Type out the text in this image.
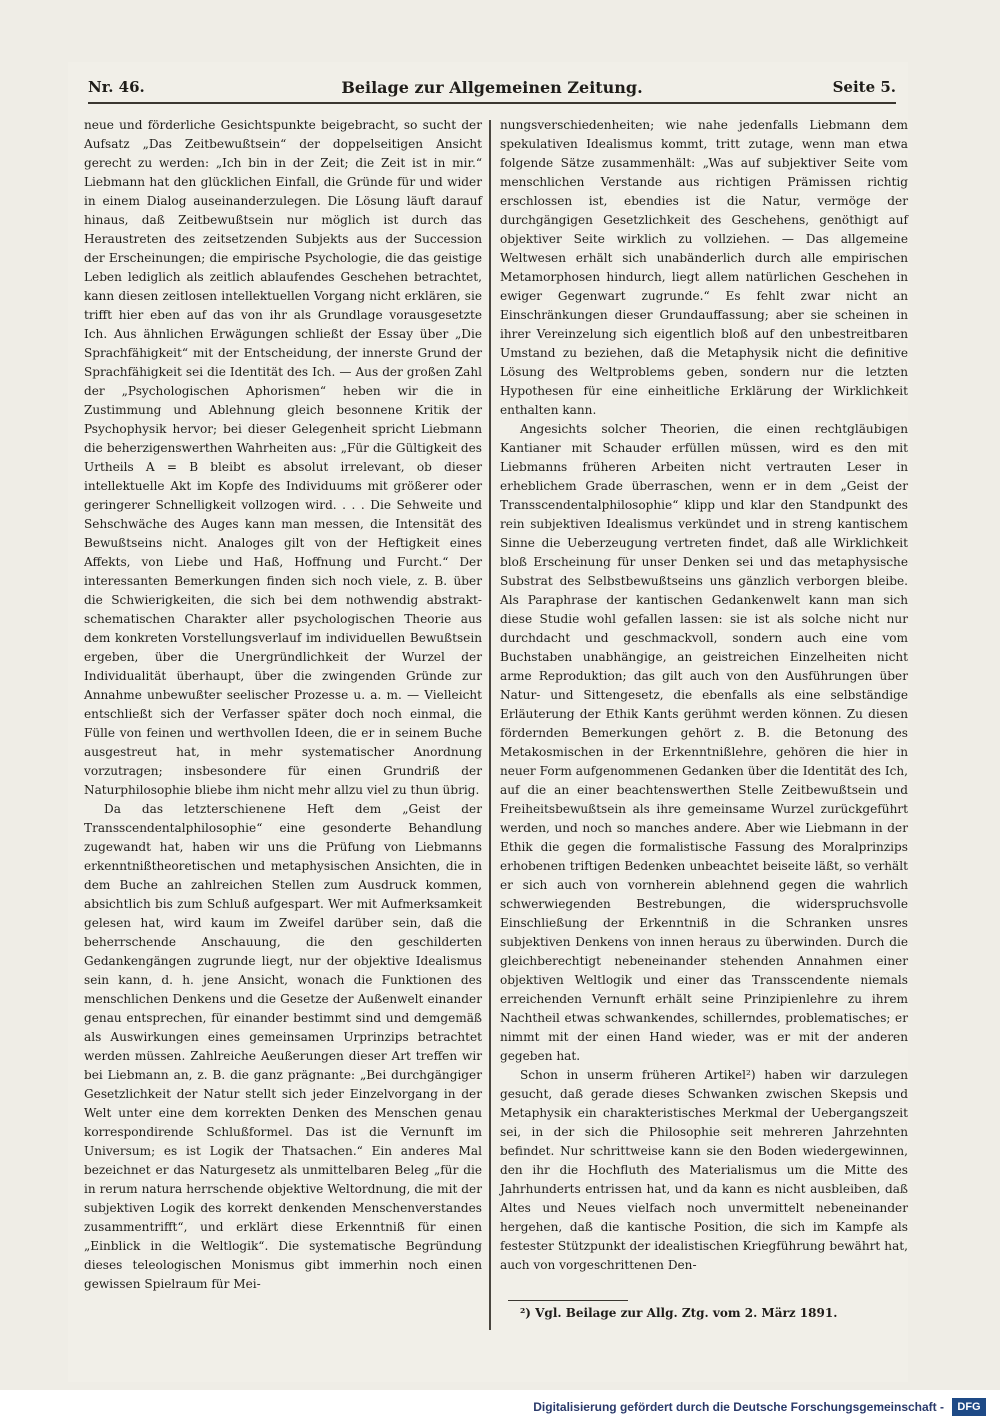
Nr. 46.	Beilage zur Allgemeinen Zeitung.	Seite 5.

neue und förderliche Gesichtspunkte beigebracht, so sucht der Aufsatz „Das Zeitbewußtsein“ der doppelseitigen Ansicht gerecht zu werden: „Ich bin in der Zeit; die Zeit ist in mir.“ Liebmann hat den glücklichen Einfall, die Gründe für und wider in einem Dialog auseinanderzulegen. Die Lösung läuft darauf hinaus, daß Zeitbewußtsein nur möglich ist durch das Heraustreten des zeitsetzenden Subjekts aus der Succession der Erscheinungen; die empirische Psychologie, die das geistige Leben lediglich als zeitlich ablaufendes Geschehen betrachtet, kann diesen zeitlosen intellektuellen Vorgang nicht erklären, sie trifft hier eben auf das von ihr als Grundlage vorausgesetzte Ich. Aus ähnlichen Erwägungen schließt der Essay über „Die Sprachfähigkeit“ mit der Entscheidung, der innerste Grund der Sprachfähigkeit sei die Identität des Ich. — Aus der großen Zahl der „Psychologischen Aphorismen“ heben wir die in Zustimmung und Ablehnung gleich besonnene Kritik der Psychophysik hervor; bei dieser Gelegenheit spricht Liebmann die beherzigenswerthen Wahrheiten aus: „Für die Gültigkeit des Urtheils A = B bleibt es absolut irrelevant, ob dieser intellektuelle Akt im Kopfe des Individuums mit größerer oder geringerer Schnelligkeit vollzogen wird. . . . Die Sehweite und Sehschwäche des Auges kann man messen, die Intensität des Bewußtseins nicht. Analoges gilt von der Heftigkeit eines Affekts, von Liebe und Haß, Hoffnung und Furcht.“ Der interessanten Bemerkungen finden sich noch viele, z. B. über die Schwierigkeiten, die sich bei dem nothwendig abstrakt-schematischen Charakter aller psychologischen Theorie aus dem konkreten Vorstellungsverlauf im individuellen Bewußtsein ergeben, über die Unergründlichkeit der Wurzel der Individualität überhaupt, über die zwingenden Gründe zur Annahme unbewußter seelischer Prozesse u. a. m. — Vielleicht entschließt sich der Verfasser später doch noch einmal, die Fülle von feinen und werthvollen Ideen, die er in seinem Buche ausgestreut hat, in mehr systematischer Anordnung vorzutragen; insbesondere für einen Grundriß der Naturphilosophie bliebe ihm nicht mehr allzu viel zu thun übrig.

Da das letzterschienene Heft dem „Geist der Transscendentalphilosophie“ eine gesonderte Behandlung zugewandt hat, haben wir uns die Prüfung von Liebmanns erkenntnißtheoretischen und metaphysischen Ansichten, die in dem Buche an zahlreichen Stellen zum Ausdruck kommen, absichtlich bis zum Schluß aufgespart. Wer mit Aufmerksamkeit gelesen hat, wird kaum im Zweifel darüber sein, daß die beherrschende Anschauung, die den geschilderten Gedankengängen zugrunde liegt, nur der objektive Idealismus sein kann, d. h. jene Ansicht, wonach die Funktionen des menschlichen Denkens und die Gesetze der Außenwelt einander genau entsprechen, für einander bestimmt sind und demgemäß als Auswirkungen eines gemeinsamen Urprinzips betrachtet werden müssen. Zahlreiche Aeußerungen dieser Art treffen wir bei Liebmann an, z. B. die ganz prägnante: „Bei durchgängiger Gesetzlichkeit der Natur stellt sich jeder Einzelvorgang in der Welt unter eine dem korrekten Denken des Menschen genau korrespondirende Schlußformel. Das ist die Vernunft im Universum; es ist Logik der Thatsachen.“ Ein anderes Mal bezeichnet er das Naturgesetz als unmittelbaren Beleg „für die in rerum natura herrschende objektive Weltordnung, die mit der subjektiven Logik des korrekt denkenden Menschenverstandes zusammentrifft“, und erklärt diese Erkenntniß für einen „Einblick in die Weltlogik“. Die systematische Begründung dieses teleologischen Monismus gibt immerhin noch einen gewissen Spielraum für Mei-

nungsverschiedenheiten; wie nahe jedenfalls Liebmann dem spekulativen Idealismus kommt, tritt zutage, wenn man etwa folgende Sätze zusammenhält: „Was auf subjektiver Seite vom menschlichen Verstande aus richtigen Prämissen richtig erschlossen ist, ebendies ist die Natur, vermöge der durchgängigen Gesetzlichkeit des Geschehens, genöthigt auf objektiver Seite wirklich zu vollziehen. — Das allgemeine Weltwesen erhält sich unabänderlich durch alle empirischen Metamorphosen hindurch, liegt allem natürlichen Geschehen in ewiger Gegenwart zugrunde.“ Es fehlt zwar nicht an Einschränkungen dieser Grundauffassung; aber sie scheinen in ihrer Vereinzelung sich eigentlich bloß auf den unbestreitbaren Umstand zu beziehen, daß die Metaphysik nicht die definitive Lösung des Weltproblems geben, sondern nur die letzten Hypothesen für eine einheitliche Erklärung der Wirklichkeit enthalten kann.

Angesichts solcher Theorien, die einen rechtgläubigen Kantianer mit Schauder erfüllen müssen, wird es den mit Liebmanns früheren Arbeiten nicht vertrauten Leser in erheblichem Grade überraschen, wenn er in dem „Geist der Transscendentalphilosophie“ klipp und klar den Standpunkt des rein subjektiven Idealismus verkündet und in streng kantischem Sinne die Ueberzeugung vertreten findet, daß alle Wirklichkeit bloß Erscheinung für unser Denken sei und das metaphysische Substrat des Selbstbewußtseins uns gänzlich verborgen bleibe. Als Paraphrase der kantischen Gedankenwelt kann man sich diese Studie wohl gefallen lassen: sie ist als solche nicht nur durchdacht und geschmackvoll, sondern auch eine vom Buchstaben unabhängige, an geistreichen Einzelheiten nicht arme Reproduktion; das gilt auch von den Ausführungen über Natur- und Sittengesetz, die ebenfalls als eine selbständige Erläuterung der Ethik Kants gerühmt werden können. Zu diesen fördernden Bemerkungen gehört z. B. die Betonung des Metakosmischen in der Erkenntnißlehre, gehören die hier in neuer Form aufgenommenen Gedanken über die Identität des Ich, auf die an einer beachtenswerthen Stelle Zeitbewußtsein und Freiheitsbewußtsein als ihre gemeinsame Wurzel zurückgeführt werden, und noch so manches andere. Aber wie Liebmann in der Ethik die gegen die formalistische Fassung des Moralprinzips erhobenen triftigen Bedenken unbeachtet beiseite läßt, so verhält er sich auch von vornherein ablehnend gegen die wahrlich schwerwiegenden Bestrebungen, die widerspruchsvolle Einschließung der Erkenntniß in die Schranken unsres subjektiven Denkens von innen heraus zu überwinden. Durch die gleichberechtigt nebeneinander stehenden Annahmen einer objektiven Weltlogik und einer das Transscendente niemals erreichenden Vernunft erhält seine Prinzipienlehre zu ihrem Nachtheil etwas schwankendes, schillerndes, problematisches; er nimmt mit der einen Hand wieder, was er mit der anderen gegeben hat.

Schon in unserm früheren Artikel²) haben wir darzulegen gesucht, daß gerade dieses Schwanken zwischen Skepsis und Metaphysik ein charakteristisches Merkmal der Uebergangszeit sei, in der sich die Philosophie seit mehreren Jahrzehnten befindet. Nur schrittweise kann sie den Boden wiedergewinnen, den ihr die Hochfluth des Materialismus um die Mitte des Jahrhunderts entrissen hat, und da kann es nicht ausbleiben, daß Altes und Neues vielfach noch unvermittelt nebeneinander hergehen, daß die kantische Position, die sich im Kampfe als festester Stützpunkt der idealistischen Kriegführung bewährt hat, auch von vorgeschrittenen Den-

²) Vgl. Beilage zur Allg. Ztg. vom 2. März 1891.
Digitalisierung gefördert durch die Deutsche Forschungsgemeinschaft -	DFG
